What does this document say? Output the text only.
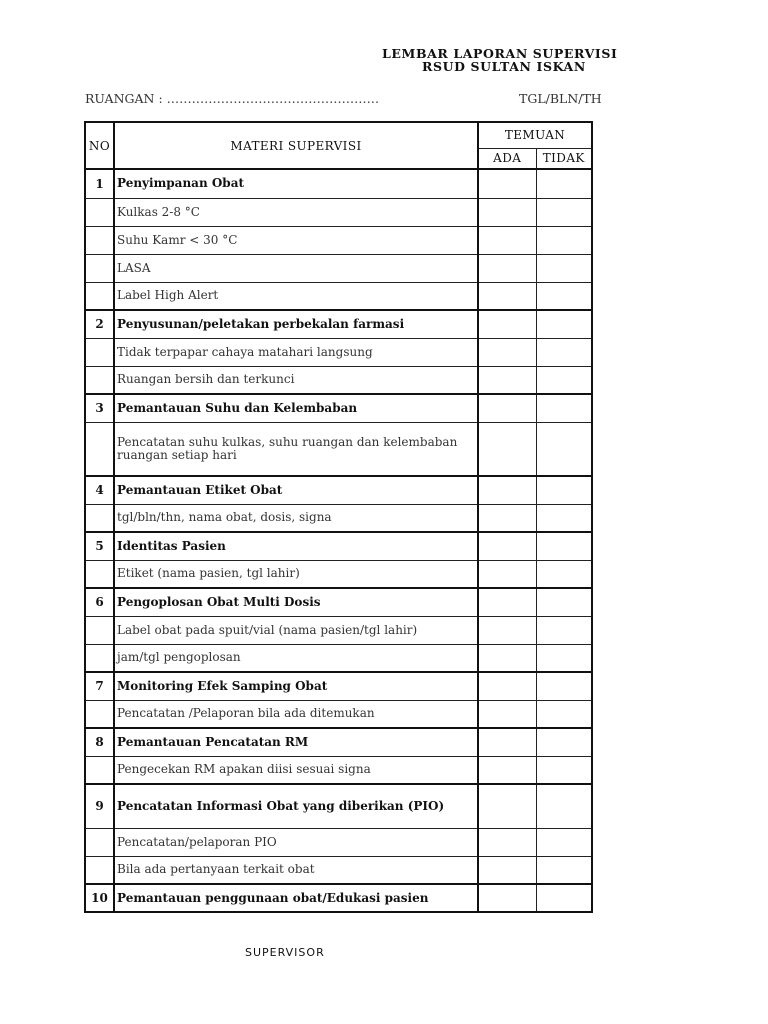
LEMBAR LAPORAN SUPERVISI
RSUD SULTAN ISKAN
RUANGAN : ……………………………………………	TGL/BLN/TH
NO	MATERI SUPERVISI	TEMUAN	
		ADA	TIDAK
1	Penyimpanan Obat		
	Kulkas 2-8 °C		
	Suhu Kamr < 30 °C		
	LASA		
	Label High Alert		
2	Penyusunan/peletakan perbekalan farmasi		
	Tidak terpapar cahaya matahari langsung		
	Ruangan bersih dan terkunci		
3	Pemantauan Suhu dan Kelembaban		
	Pencatatan suhu kulkas, suhu ruangan dan kelembaban ruangan setiap hari		
4	Pemantauan Etiket Obat		
	tgl/bln/thn, nama obat, dosis, signa		
5	Identitas Pasien		
	Etiket (nama pasien, tgl lahir)		
6	Pengoplosan Obat Multi Dosis		
	Label obat pada spuit/vial (nama pasien/tgl lahir)		
	jam/tgl pengoplosan		
7	Monitoring Efek Samping Obat		
	Pencatatan /Pelaporan bila ada ditemukan		
8	Pemantauan Pencatatan RM		
	Pengecekan RM apakan diisi sesuai signa		
9	Pencatatan Informasi Obat yang diberikan (PIO)		
	Pencatatan/pelaporan PIO		
	Bila ada pertanyaan terkait obat		
10	Pemantauan penggunaan obat/Edukasi pasien		
SUPERVISOR
